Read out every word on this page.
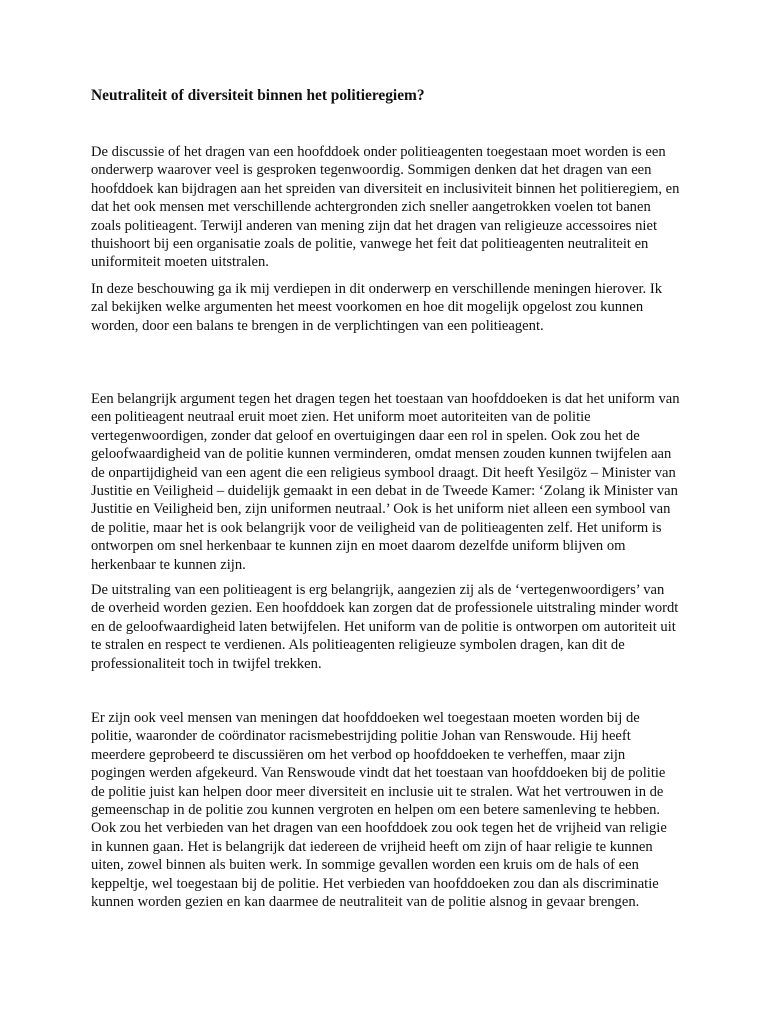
Neutraliteit of diversiteit binnen het politieregiem?

De discussie of het dragen van een hoofddoek onder politieagenten toegestaan moet worden is een onderwerp waarover veel is gesproken tegenwoordig. Sommigen denken dat het dragen van een hoofddoek kan bijdragen aan het spreiden van diversiteit en inclusiviteit binnen het politieregiem, en dat het ook mensen met verschillende achtergronden zich sneller aangetrokken voelen tot banen zoals politieagent. Terwijl anderen van mening zijn dat het dragen van religieuze accessoires niet thuishoort bij een organisatie zoals de politie, vanwege het feit dat politieagenten neutraliteit en uniformiteit moeten uitstralen.

In deze beschouwing ga ik mij verdiepen in dit onderwerp en verschillende meningen hierover. Ik zal bekijken welke argumenten het meest voorkomen en hoe dit mogelijk opgelost zou kunnen worden, door een balans te brengen in de verplichtingen van een politieagent.

Een belangrijk argument tegen het dragen tegen het toestaan van hoofddoeken is dat het uniform van een politieagent neutraal eruit moet zien. Het uniform moet autoriteiten van de politie vertegenwoordigen, zonder dat geloof en overtuigingen daar een rol in spelen. Ook zou het de geloofwaardigheid van de politie kunnen verminderen, omdat mensen zouden kunnen twijfelen aan de onpartijdigheid van een agent die een religieus symbool draagt. Dit heeft Yesilgöz – Minister van Justitie en Veiligheid – duidelijk gemaakt in een debat in de Tweede Kamer: ‘Zolang ik Minister van Justitie en Veiligheid ben, zijn uniformen neutraal.’ Ook is het uniform niet alleen een symbool van de politie, maar het is ook belangrijk voor de veiligheid van de politieagenten zelf. Het uniform is ontworpen om snel herkenbaar te kunnen zijn en moet daarom dezelfde uniform blijven om herkenbaar te kunnen zijn.

De uitstraling van een politieagent is erg belangrijk, aangezien zij als de ‘vertegenwoordigers’ van de overheid worden gezien. Een hoofddoek kan zorgen dat de professionele uitstraling minder wordt en de geloofwaardigheid laten betwijfelen. Het uniform van de politie is ontworpen om autoriteit uit te stralen en respect te verdienen. Als politieagenten religieuze symbolen dragen, kan dit de professionaliteit toch in twijfel trekken.

Er zijn ook veel mensen van meningen dat hoofddoeken wel toegestaan moeten worden bij de politie, waaronder de coördinator racismebestrijding politie Johan van Renswoude. Hij heeft meerdere geprobeerd te discussiëren om het verbod op hoofddoeken te verheffen, maar zijn pogingen werden afgekeurd. Van Renswoude vindt dat het toestaan van hoofddoeken bij de politie de politie juist kan helpen door meer diversiteit en inclusie uit te stralen. Wat het vertrouwen in de gemeenschap in de politie zou kunnen vergroten en helpen om een betere samenleving te hebben. Ook zou het verbieden van het dragen van een hoofddoek zou ook tegen het de vrijheid van religie in kunnen gaan. Het is belangrijk dat iedereen de vrijheid heeft om zijn of haar religie te kunnen uiten, zowel binnen als buiten werk. In sommige gevallen worden een kruis om de hals of een keppeltje, wel toegestaan bij de politie. Het verbieden van hoofddoeken zou dan als discriminatie kunnen worden gezien en kan daarmee de neutraliteit van de politie alsnog in gevaar brengen.
